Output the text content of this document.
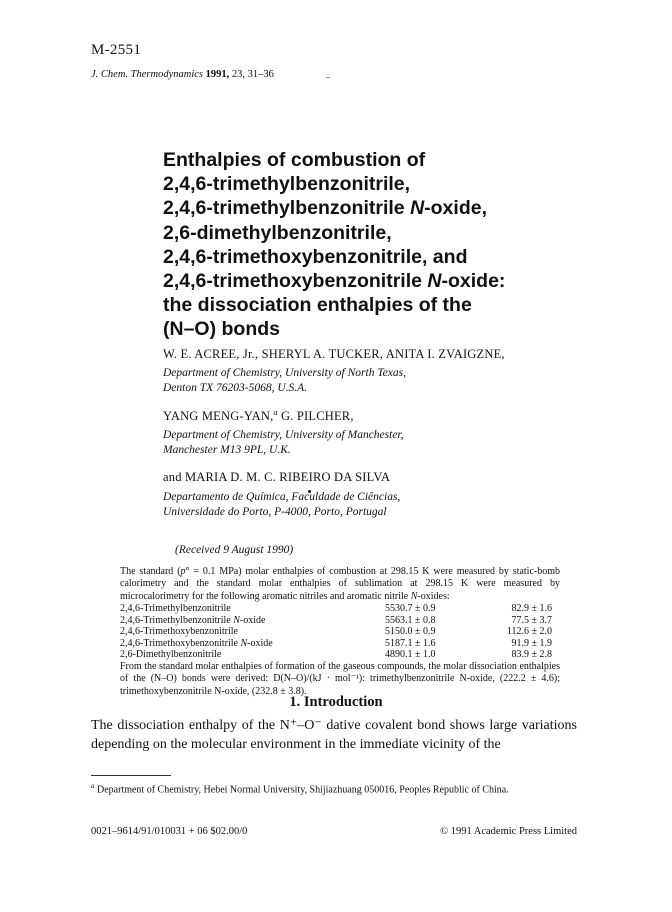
M-2551
J. Chem. Thermodynamics 1991, 23, 31–36
Enthalpies of combustion of
2,4,6-trimethylbenzonitrile,
2,4,6-trimethylbenzonitrile N-oxide,
2,6-dimethylbenzonitrile,
2,4,6-trimethoxybenzonitrile, and
2,4,6-trimethoxybenzonitrile N-oxide:
the dissociation enthalpies of the
(N–O) bonds
W. E. ACREE, Jr., SHERYL A. TUCKER, ANITA I. ZVAIGZNE,
Department of Chemistry, University of North Texas,
Denton TX 76203-5068, U.S.A.
YANG MENG-YAN,$^a$ G. PILCHER,
Department of Chemistry, University of Manchester,
Manchester M13 9PL, U.K.
and MARIA D. M. C. RIBEIRO DA SILVA
Departamento de Química, Faculdade de Ciências,
Universidade do Porto, P-4000, Porto, Portugal
(Received 9 August 1990)
The standard (p° = 0.1 MPa) molar enthalpies of combustion at 298.15 K were measured by static-bomb calorimetry and the standard molar enthalpies of sublimation at 298.15 K were measured by microcalorimetry for the following aromatic nitriles and aromatic nitrile N-oxides:
2,4,6-Trimethylbenzonitrile	5530.7 ± 0.9	82.9 ± 1.6
2,4,6-Trimethylbenzonitrile N-oxide	5563.1 ± 0.8	77.5 ± 3.7
2,4,6-Trimethoxybenzonitrile	5150.0 ± 0.9	112.6 ± 2.0
2,4,6-Trimethoxybenzonitrile N-oxide	5187.1 ± 1.6	91.9 ± 1.9
2,6-Dimethylbenzonitrile	4890.1 ± 1.0	83.9 ± 2.8
From the standard molar enthalpies of formation of the gaseous compounds, the molar dissociation enthalpies of the (N–O) bonds were derived: D(N–O)/(kJ · mol⁻¹): trimethylbenzonitrile N-oxide, (222.2 ± 4.6); trimethoxybenzonitrile N-oxide, (232.8 ± 3.8).
1. Introduction
The dissociation enthalpy of the N⁺–O⁻ dative covalent bond shows large variations depending on the molecular environment in the immediate vicinity of the
$^a$ Department of Chemistry, Hebei Normal University, Shijiazhuang 050016, Peoples Republic of China.
0021–9614/91/010031 + 06 $02.00/0	© 1991 Academic Press Limited
